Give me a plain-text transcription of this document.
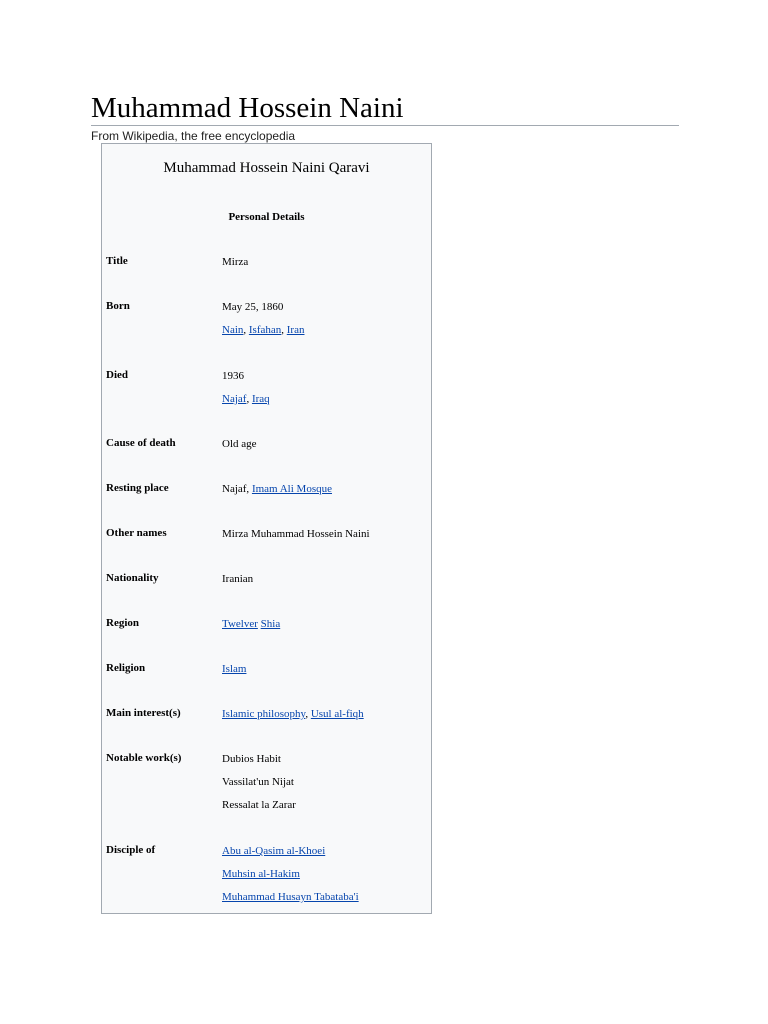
Muhammad Hossein Naini
From Wikipedia, the free encyclopedia
Muhammad Hossein Naini Qaravi
Personal Details
Title	Mirza
Born	May 25, 1860
Nain, Isfahan, Iran
Died	1936
Najaf, Iraq
Cause of death	Old age
Resting place	Najaf, Imam Ali Mosque
Other names	Mirza Muhammad Hossein Naini
Nationality	Iranian
Region	Twelver Shia
Religion	Islam
Main interest(s)	Islamic philosophy, Usul al-fiqh
Notable work(s)	Dubios Habit
Vassilat'un Nijat
Ressalat la Zarar
Disciple of	Abu al-Qasim al-Khoei
Muhsin al-Hakim
Muhammad Husayn Tabataba'i
